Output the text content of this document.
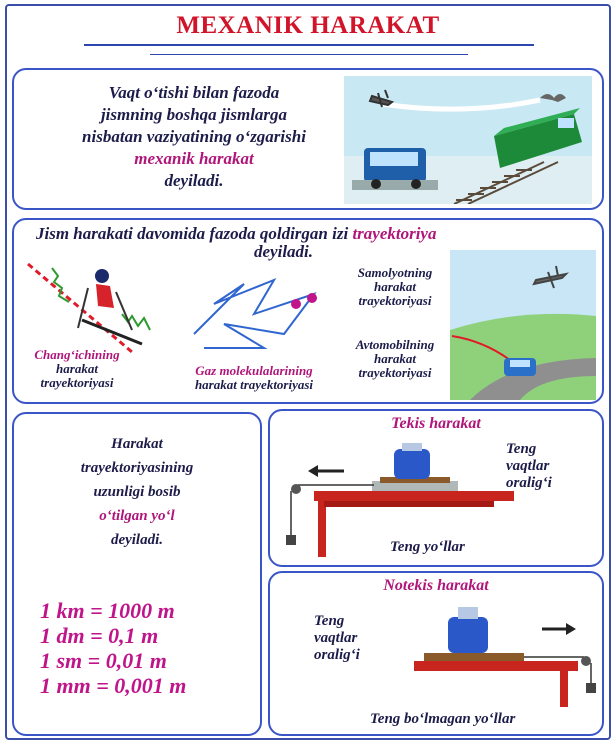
MEXANIK HARAKAT
Vaqt o‘tishi bilan fazoda
jismning boshqa jismlarga
nisbatan vaziyatining o‘zgarishi
mexanik harakat
deyiladi.
Jism harakati davomida fazoda qoldirgan izi trayektoriya
deyiladi.
Chang‘ichining
harakat
trayektoriyasi
Gaz molekulalarining
harakat trayektoriyasi
Samolyotning
harakat
trayektoriyasi
Avtomobilning
harakat
trayektoriyasi
Harakat
trayektoriyasining
uzunligi bosib
o‘tilgan yo‘l
deyiladi.
1 km = 1000 m
1 dm = 0,1 m
1 sm = 0,01 m
1 mm = 0,001 m
Tekis harakat
Teng
vaqtlar
oralig‘i
Teng yo‘llar
Notekis harakat
Teng
vaqtlar
oralig‘i
Teng bo‘lmagan yo‘llar
